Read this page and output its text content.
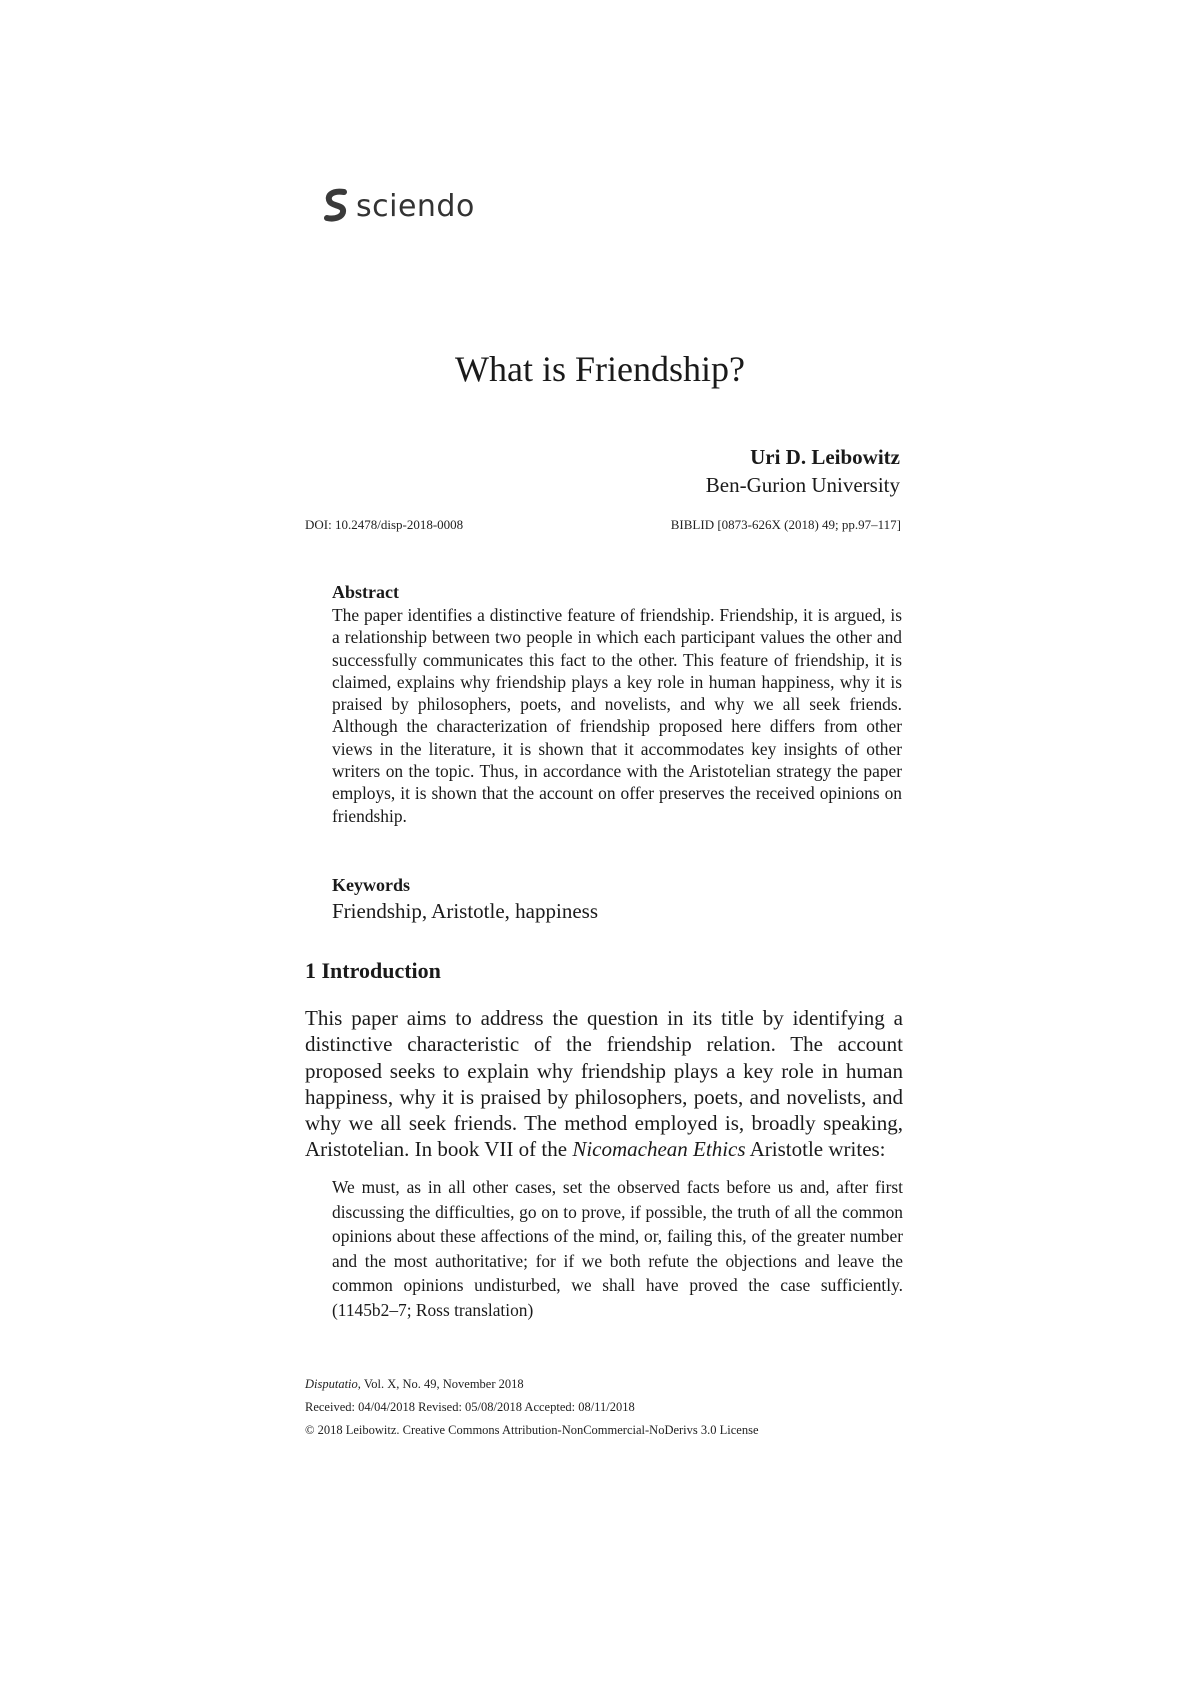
sciendo
What is Friendship?
Uri D. Leibowitz
Ben-Gurion University
DOI: 10.2478/disp-2018-0008	BIBLID [0873-626X (2018) 49; pp.97–117]
Abstract

The paper identifies a distinctive feature of friendship. Friendship, it is argued, is a relationship between two people in which each participant values the other and successfully communicates this fact to the other. This feature of friendship, it is claimed, explains why friendship plays a key role in human happiness, why it is praised by philosophers, poets, and novelists, and why we all seek friends. Although the characterization of friendship proposed here differs from other views in the literature, it is shown that it accommodates key insights of other writers on the topic. Thus, in accordance with the Aristotelian strategy the paper employs, it is shown that the account on offer preserves the received opinions on friendship.

Keywords
Friendship, Aristotle, happiness
1 Introduction

This paper aims to address the question in its title by identifying a distinctive characteristic of the friendship relation. The account proposed seeks to explain why friendship plays a key role in human happiness, why it is praised by philosophers, poets, and novelists, and why we all seek friends. The method employed is, broadly speaking, Aristotelian. In book VII of the Nicomachean Ethics Aristotle writes:

We must, as in all other cases, set the observed facts before us and, after first discussing the difficulties, go on to prove, if possible, the truth of all the common opinions about these affections of the mind, or, failing this, of the greater number and the most authoritative; for if we both refute the objections and leave the common opinions undisturbed, we shall have proved the case sufficiently. (1145b2–7; Ross translation)

Disputatio, Vol. X, No. 49, November 2018
Received: 04/04/2018 Revised: 05/08/2018 Accepted: 08/11/2018
© 2018 Leibowitz. Creative Commons Attribution-NonCommercial-NoDerivs 3.0 License
